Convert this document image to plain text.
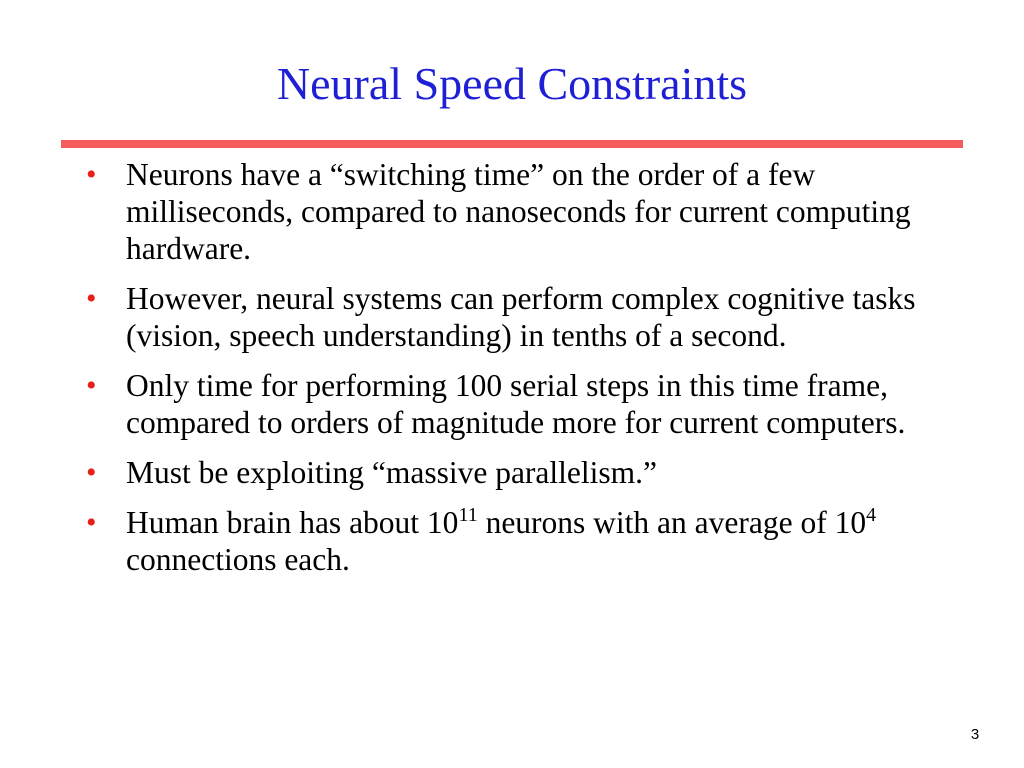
Neural Speed Constraints
• Neurons have a “switching time” on the order of a few milliseconds, compared to nanoseconds for current computing hardware.
• However, neural systems can perform complex cognitive tasks (vision, speech understanding) in tenths of a second.
• Only time for performing 100 serial steps in this time frame, compared to orders of magnitude more for current computers.
• Must be exploiting “massive parallelism.”
• Human brain has about $10^{11}$ neurons with an average of $10^4$ connections each.
3
